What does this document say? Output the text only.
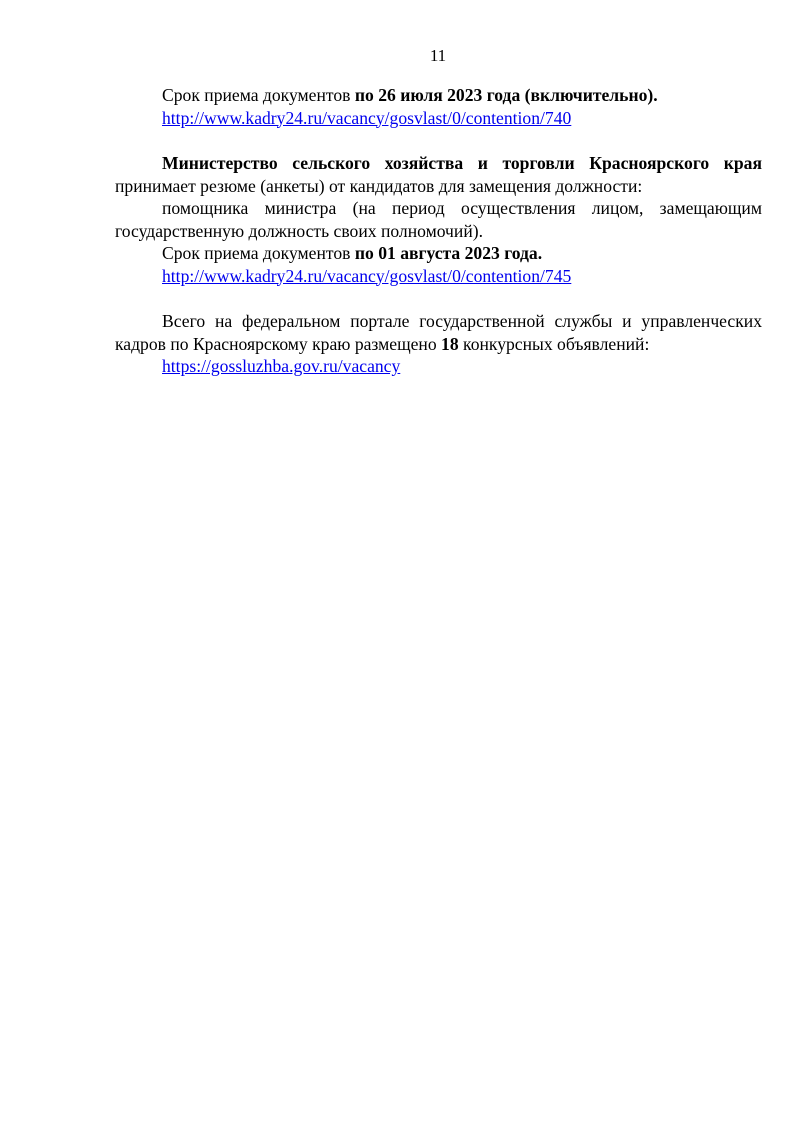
11

Срок приема документов по 26 июля 2023 года (включительно).

http://www.kadry24.ru/vacancy/gosvlast/0/contention/740

Министерство сельского хозяйства и торговли Красноярского края

принимает резюме (анкеты) от кандидатов для замещения должности:

помощника министра (на период осуществления лицом, замещающим государственную должность своих полномочий).

Срок приема документов по 01 августа 2023 года.

http://www.kadry24.ru/vacancy/gosvlast/0/contention/745

Всего на федеральном портале государственной службы и управленческих кадров по Красноярскому краю размещено 18 конкурсных объявлений:

https://gossluzhba.gov.ru/vacancy
